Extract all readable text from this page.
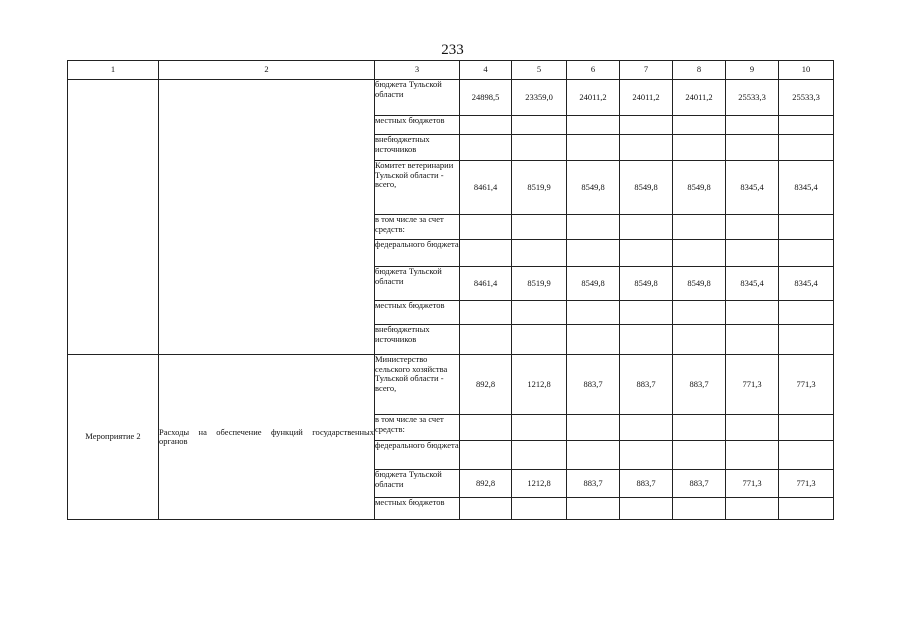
233
1	2	3	4	5	6	7	8	9	10
		бюджета Тульской области	24898,5	23359,0	24011,2	24011,2	24011,2	25533,3	25533,3
		местных бюджетов							
		внебюджетных источников							
		Комитет ветеринарии Тульской области - всего,	8461,4	8519,9	8549,8	8549,8	8549,8	8345,4	8345,4
		в том числе за счет средств:							
		федерального бюджета							
		бюджета Тульской области	8461,4	8519,9	8549,8	8549,8	8549,8	8345,4	8345,4
		местных бюджетов							
		внебюджетных источников							
Мероприятие 2	Расходы на обеспечение функций государственных органов	Министерство сельского хозяйства Тульской области - всего,	892,8	1212,8	883,7	883,7	883,7	771,3	771,3
		в том числе за счет средств:							
		федерального бюджета							
		бюджета Тульской области	892,8	1212,8	883,7	883,7	883,7	771,3	771,3
		местных бюджетов							
